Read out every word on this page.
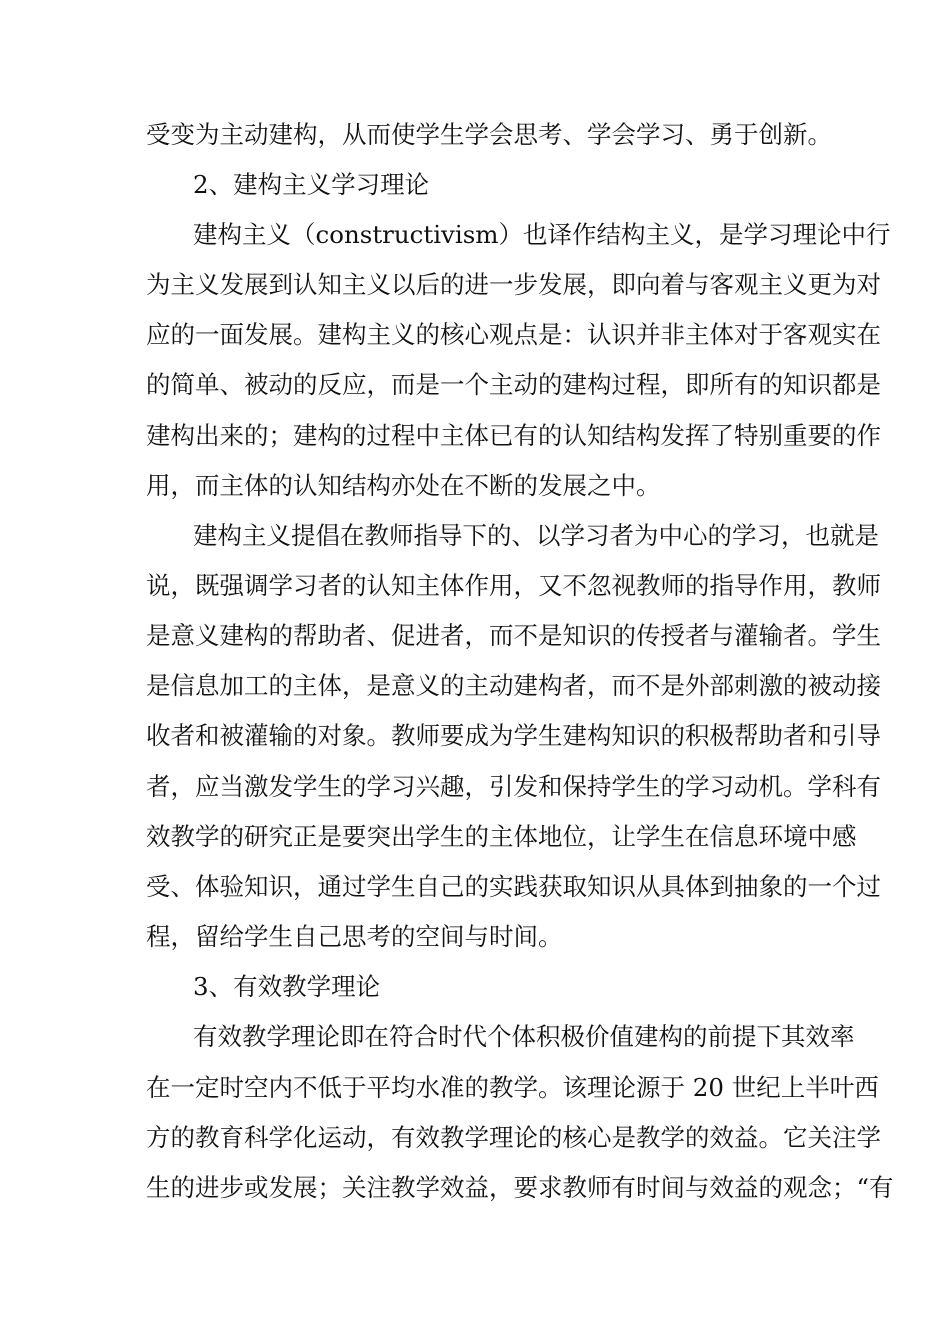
受变为主动建构，从而使学生学会思考、学会学习、勇于创新。
2、建构主义学习理论
建构主义（constructivism）也译作结构主义，是学习理论中行
为主义发展到认知主义以后的进一步发展，即向着与客观主义更为对
应的一面发展。建构主义的核心观点是：认识并非主体对于客观实在
的简单、被动的反应，而是一个主动的建构过程，即所有的知识都是
建构出来的；建构的过程中主体已有的认知结构发挥了特别重要的作
用，而主体的认知结构亦处在不断的发展之中。
建构主义提倡在教师指导下的、以学习者为中心的学习，也就是
说，既强调学习者的认知主体作用，又不忽视教师的指导作用，教师
是意义建构的帮助者、促进者，而不是知识的传授者与灌输者。学生
是信息加工的主体，是意义的主动建构者，而不是外部刺激的被动接
收者和被灌输的对象。教师要成为学生建构知识的积极帮助者和引导
者，应当激发学生的学习兴趣，引发和保持学生的学习动机。学科有
效教学的研究正是要突出学生的主体地位，让学生在信息环境中感
受、体验知识，通过学生自己的实践获取知识从具体到抽象的一个过
程，留给学生自己思考的空间与时间。
3、有效教学理论
有效教学理论即在符合时代个体积极价值建构的前提下其效率
在一定时空内不低于平均水准的教学。该理论源于 20 世纪上半叶西
方的教育科学化运动，有效教学理论的核心是教学的效益。它关注学
生的进步或发展；关注教学效益，要求教师有时间与效益的观念；“有
